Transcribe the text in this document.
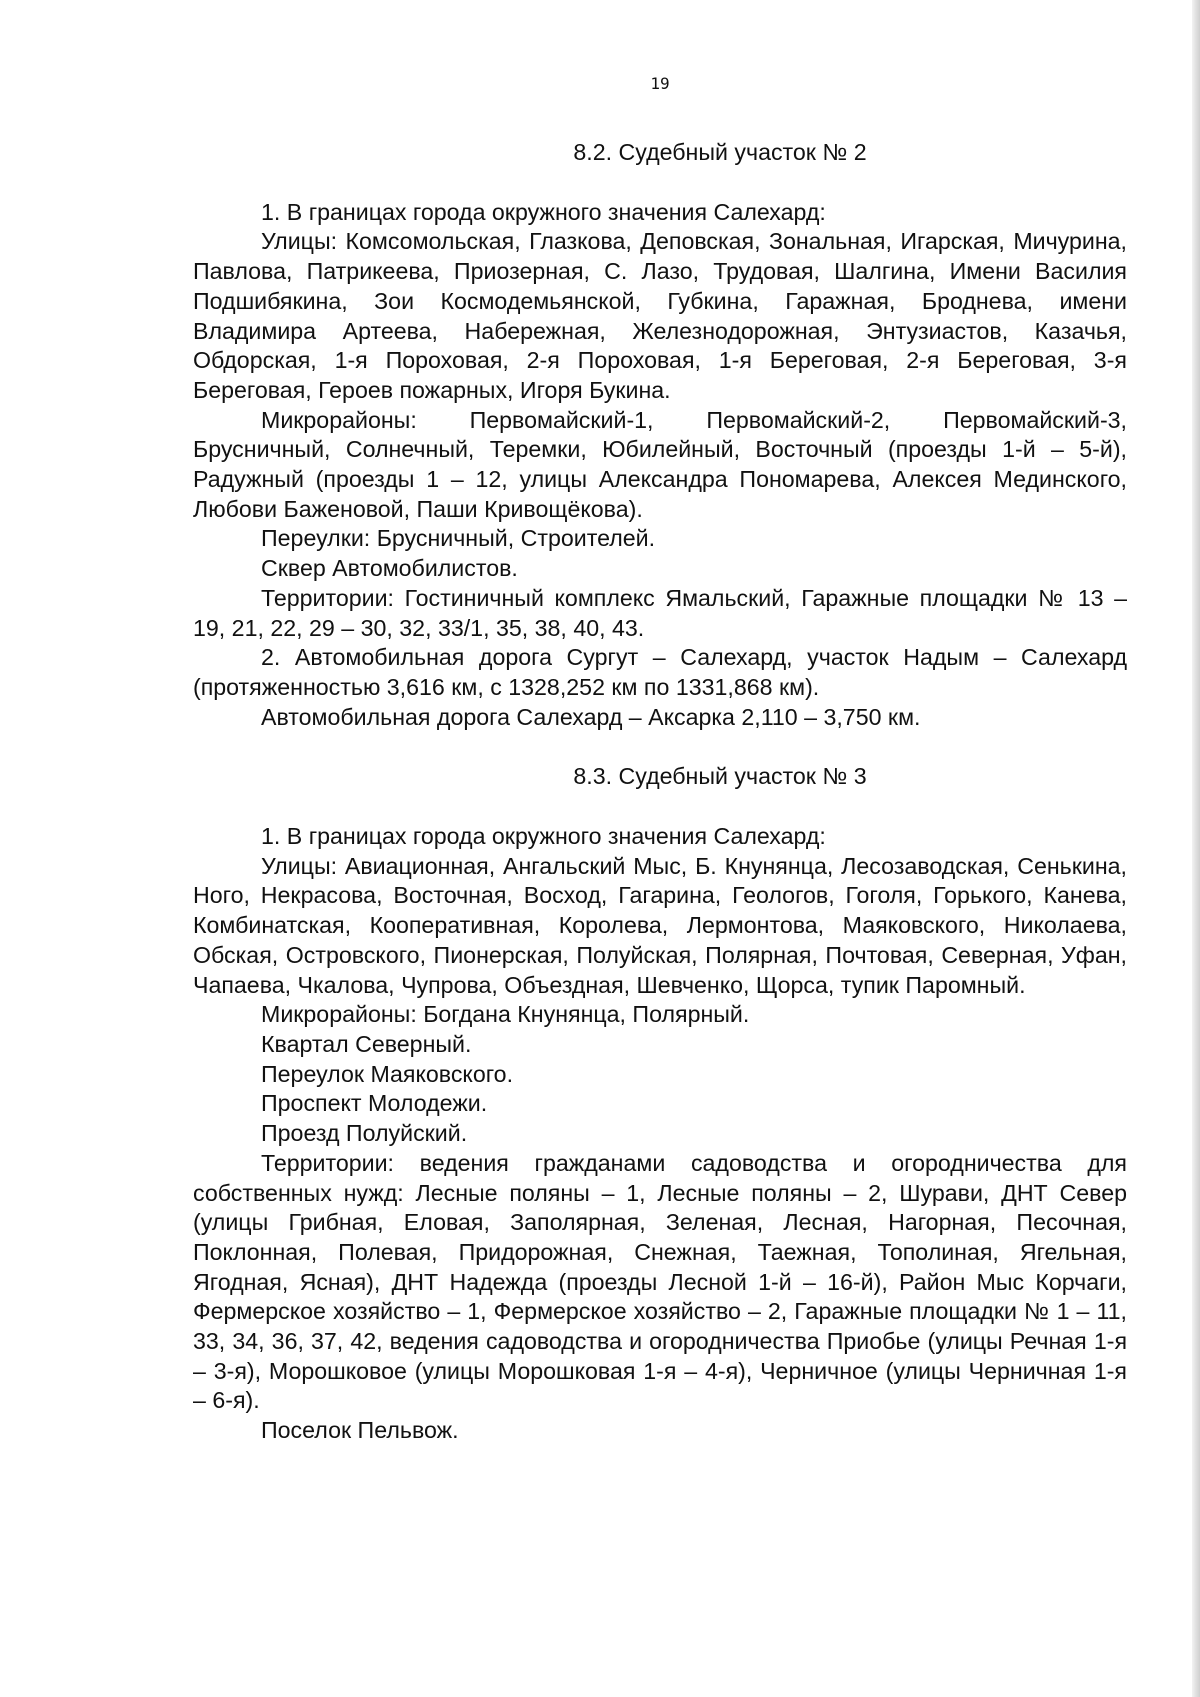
19

8.2. Судебный участок № 2

1. В границах города окружного значения Салехард:

Улицы: Комсомольская, Глазкова, Деповская, Зональная, Игарская, Мичурина, Павлова, Патрикеева, Приозерная, С. Лазо, Трудовая, Шалгина, Имени Василия Подшибякина, Зои Космодемьянской, Губкина, Гаражная, Броднева, имени Владимира Артеева, Набережная, Железнодорожная, Энтузиастов, Казачья, Обдорская, 1-я Пороховая, 2-я Пороховая, 1-я Береговая, 2-я Береговая, 3-я Береговая, Героев пожарных, Игоря Букина.

Микрорайоны: Первомайский-1, Первомайский-2, Первомайский-3, Брусничный, Солнечный, Теремки, Юбилейный, Восточный (проезды 1-й – 5-й), Радужный (проезды 1 – 12, улицы Александра Пономарева, Алексея Мединского, Любови Баженовой, Паши Кривощёкова).

Переулки: Брусничный, Строителей.

Сквер Автомобилистов.

Территории: Гостиничный комплекс Ямальский, Гаражные площадки № 13 – 19, 21, 22, 29 – 30, 32, 33/1, 35, 38, 40, 43.

2. Автомобильная дорога Сургут – Салехард, участок Надым – Салехард (протяженностью 3,616 км, с 1328,252 км по 1331,868 км).

Автомобильная дорога Салехард – Аксарка 2,110 – 3,750 км.

8.3. Судебный участок № 3

1. В границах города окружного значения Салехард:

Улицы: Авиационная, Ангальский Мыс, Б. Кнунянца, Лесозаводская, Сенькина, Ного, Некрасова, Восточная, Восход, Гагарина, Геологов, Гоголя, Горького, Канева, Комбинатская, Кооперативная, Королева, Лермонтова, Маяковского, Николаева, Обская, Островского, Пионерская, Полуйская, Полярная, Почтовая, Северная, Уфан, Чапаева, Чкалова, Чупрова, Объездная, Шевченко, Щорса, тупик Паромный.

Микрорайоны: Богдана Кнунянца, Полярный.

Квартал Северный.

Переулок Маяковского.

Проспект Молодежи.

Проезд Полуйский.

Территории: ведения гражданами садоводства и огородничества для собственных нужд: Лесные поляны – 1, Лесные поляны – 2, Шурави, ДНТ Север (улицы Грибная, Еловая, Заполярная, Зеленая, Лесная, Нагорная, Песочная, Поклонная, Полевая, Придорожная, Снежная, Таежная, Тополиная, Ягельная, Ягодная, Ясная), ДНТ Надежда (проезды Лесной 1-й – 16-й), Район Мыс Корчаги, Фермерское хозяйство – 1, Фермерское хозяйство – 2, Гаражные площадки № 1 – 11, 33, 34, 36, 37, 42, ведения садоводства и огородничества Приобье (улицы Речная 1-я – 3-я), Морошковое (улицы Морошковая 1-я – 4-я), Черничное (улицы Черничная 1-я – 6-я).

Поселок Пельвож.
